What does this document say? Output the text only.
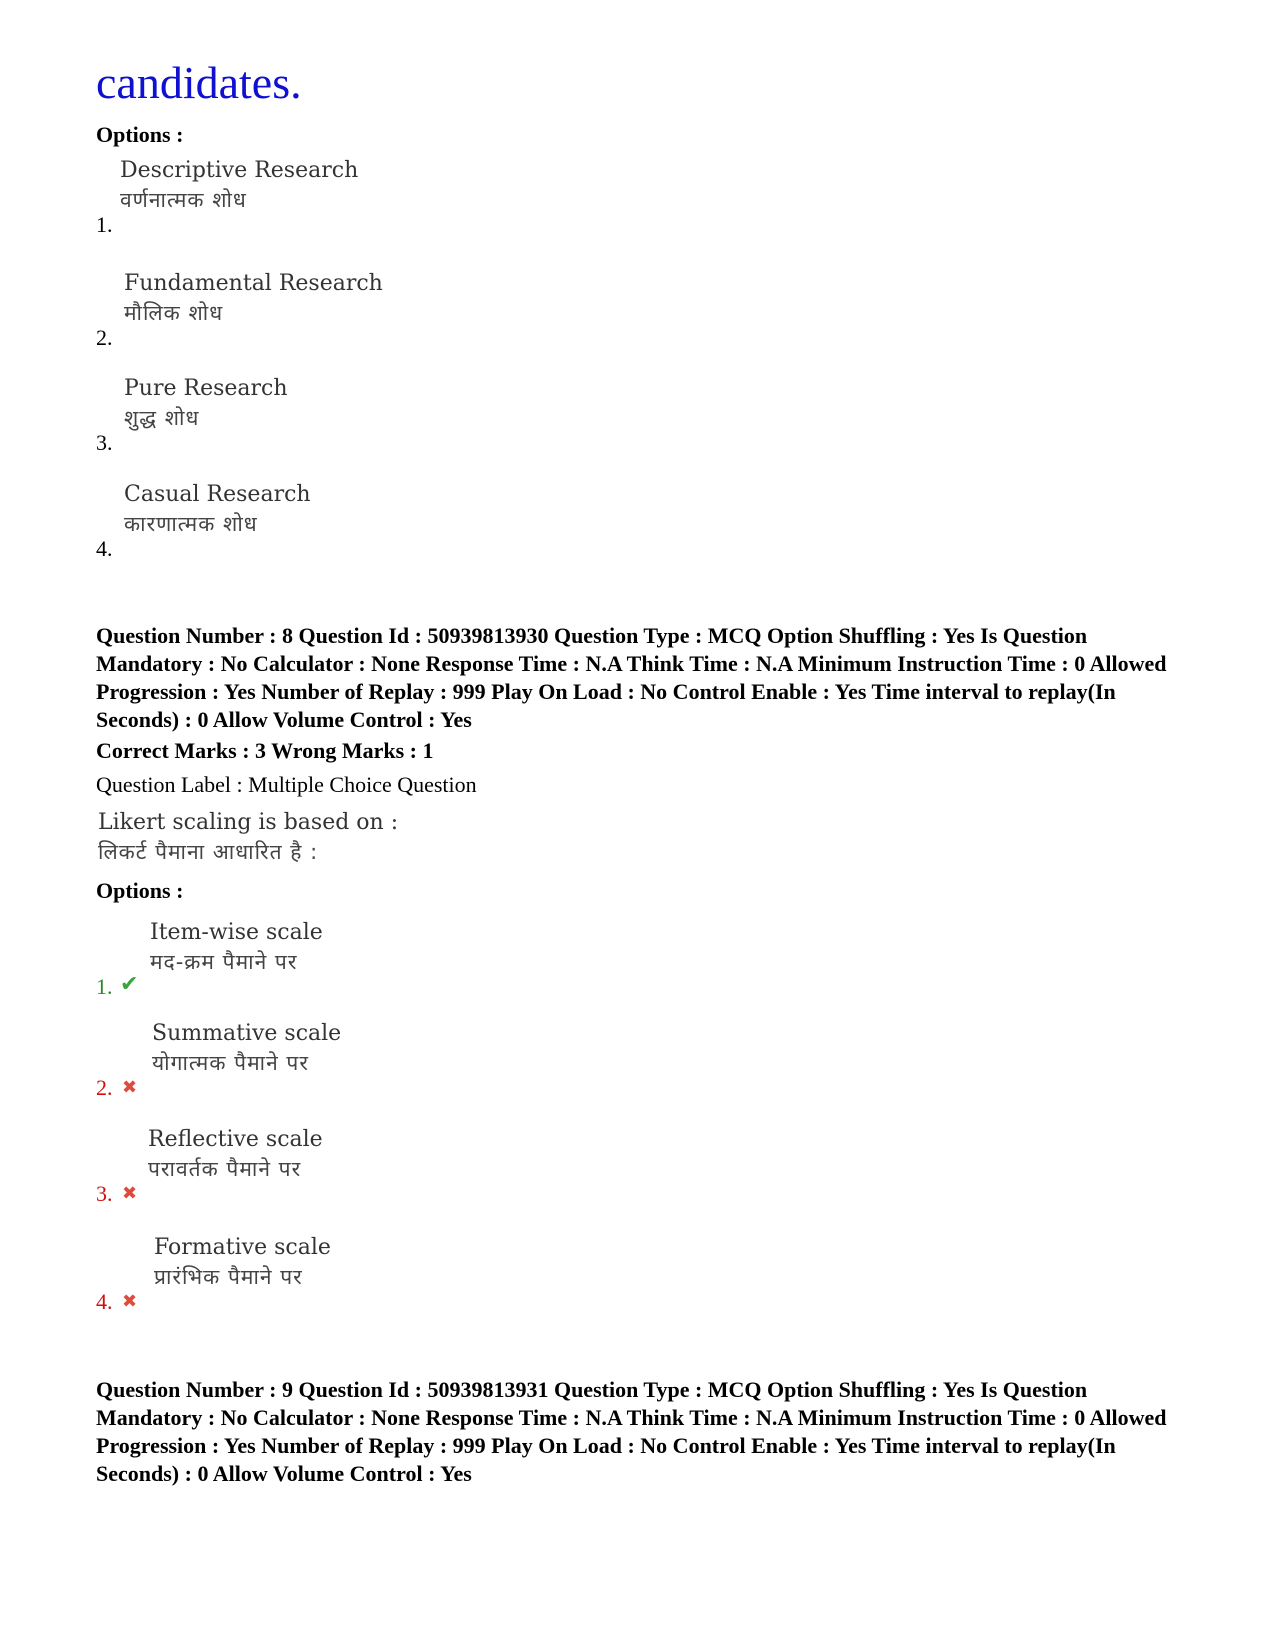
candidates.
Options :
1.
Descriptive Research
वर्णनात्मक शोध
2.
Fundamental Research
मौलिक शोध
3.
Pure Research
शुद्ध शोध
4.
Casual Research
कारणात्मक शोध
Question Number : 8 Question Id : 50939813930 Question Type : MCQ Option Shuffling : Yes Is Question Mandatory : No Calculator : None Response Time : N.A Think Time : N.A Minimum Instruction Time : 0 Allowed Progression : Yes Number of Replay : 999 Play On Load : No Control Enable : Yes Time interval to replay(In Seconds) : 0 Allow Volume Control : Yes
Correct Marks : 3 Wrong Marks : 1
Question Label : Multiple Choice Question
Likert scaling is based on :
लिकर्ट पैमाना आधारित है :
Options :
1. ✔
Item-wise scale
मद-क्रम पैमाने पर
2. ✖
Summative scale
योगात्मक पैमाने पर
3. ✖
Reflective scale
परावर्तक पैमाने पर
4. ✖
Formative scale
प्रारंभिक पैमाने पर
Question Number : 9 Question Id : 50939813931 Question Type : MCQ Option Shuffling : Yes Is Question Mandatory : No Calculator : None Response Time : N.A Think Time : N.A Minimum Instruction Time : 0 Allowed Progression : Yes Number of Replay : 999 Play On Load : No Control Enable : Yes Time interval to replay(In Seconds) : 0 Allow Volume Control : Yes
